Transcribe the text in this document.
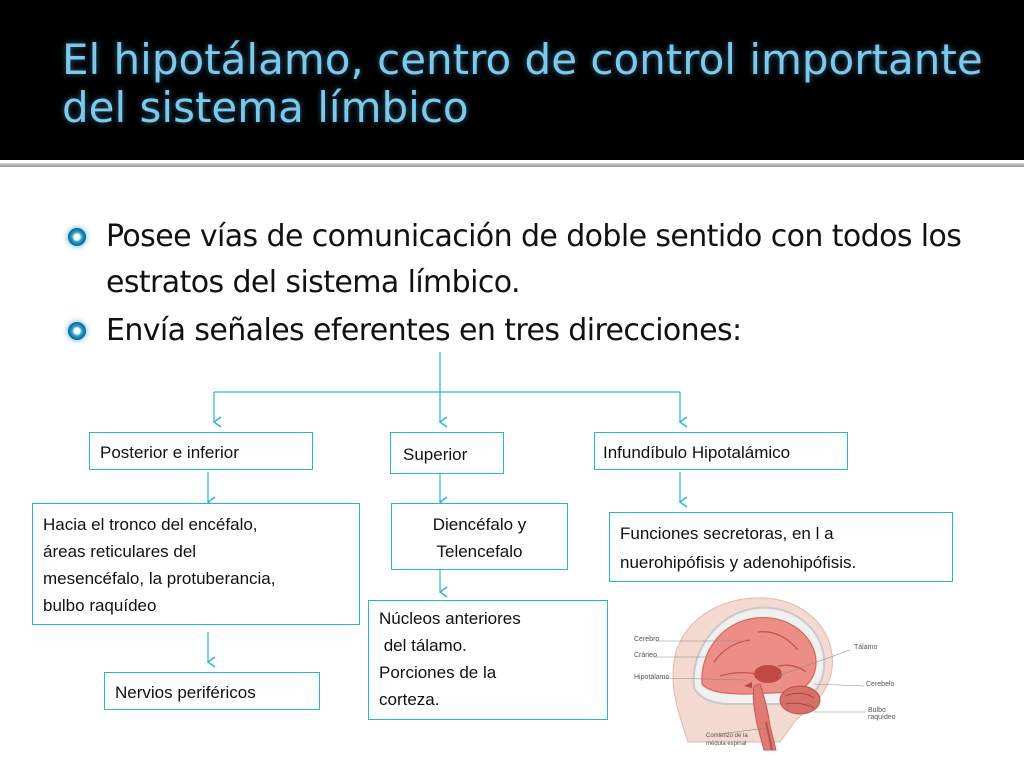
El hipotálamo, centro de control importante del sistema límbico
Posee vías de comunicación de doble sentido con todos los estratos del sistema límbico.
Envía señales eferentes en tres direcciones:
Posterior e inferior	Superior	Infundíbulo Hipotalámico
Hacia el tronco del encéfalo,
áreas reticulares del
mesencéfalo, la protuberancia,
bulbo raquídeo
Diencéfalo y
Telencefalo
Funciones secretoras, en l a
nuerohipófisis y adenohipófisis.
Nervios periféricos
Núcleos anteriores
del tálamo.
Porciones de la
corteza.
Cerebro
Cráneo
Hipotálamo
Tálamo
Cerebelo
Bulbo raquídeo
Comienzo de la
médula espinal
